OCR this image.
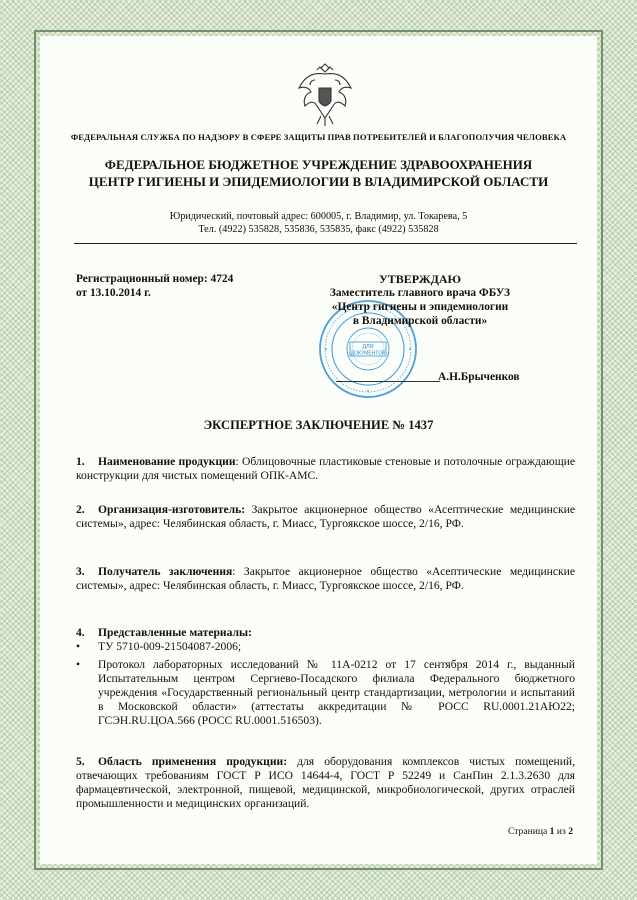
ФЕДЕРАЛЬНАЯ СЛУЖБА ПО НАДЗОРУ В СФЕРЕ ЗАЩИТЫ ПРАВ ПОТРЕБИТЕЛЕЙ И БЛАГОПОЛУЧИЯ ЧЕЛОВЕКА
ФЕДЕРАЛЬНОЕ БЮДЖЕТНОЕ УЧРЕЖДЕНИЕ ЗДРАВООХРАНЕНИЯ
ЦЕНТР ГИГИЕНЫ И ЭПИДЕМИОЛОГИИ В ВЛАДИМИРСКОЙ ОБЛАСТИ
Юридический, почтовый адрес: 600005, г. Владимир, ул. Токарева, 5
Тел. (4922) 535828, 535836, 535835, факс (4922) 535828
Регистрационный номер: 4724
от 13.10.2014 г.
ДЛЯ
ДОКУМЕНТОВ
УТВЕРЖДАЮ
Заместитель главного врача ФБУЗ
«Центр гигиены и эпидемиологии
в Владимирской области»
А.Н.Брыченков
ЭКСПЕРТНОЕ ЗАКЛЮЧЕНИЕ № 1437
1. Наименование продукции: Облицовочные пластиковые стеновые и потолочные ограждающие конструкции для чистых помещений ОПК-АМС.
2. Организация-изготовитель: Закрытое акционерное общество «Асептические медицинские системы», адрес: Челябинская область, г. Миасс, Тургоякское шоссе, 2/16, РФ.
3. Получатель заключения: Закрытое акционерное общество «Асептические медицинские системы», адрес: Челябинская область, г. Миасс, Тургоякское шоссе, 2/16, РФ.
4. Представленные материалы:
• ТУ 5710-009-21504087-2006;
• Протокол лабораторных исследований № 11А-0212 от 17 сентября 2014 г., выданный Испытательным центром Сергиево-Посадского филиала Федерального бюджетного учреждения «Государственный региональный центр стандартизации, метрологии и испытаний в Московской области» (аттестаты аккредитации № РОСС RU.0001.21АЮ22; ГСЭН.RU.ЦОА.566 (РОСС RU.0001.516503).
5. Область применения продукции: для оборудования комплексов чистых помещений, отвечающих требованиям ГОСТ Р ИСО 14644-4, ГОСТ Р 52249 и СанПин 2.1.3.2630 для фармацевтической, электронной, пищевой, медицинской, микробиологической, других отраслей промышленности и медицинских организаций.
Страница 1 из 2
